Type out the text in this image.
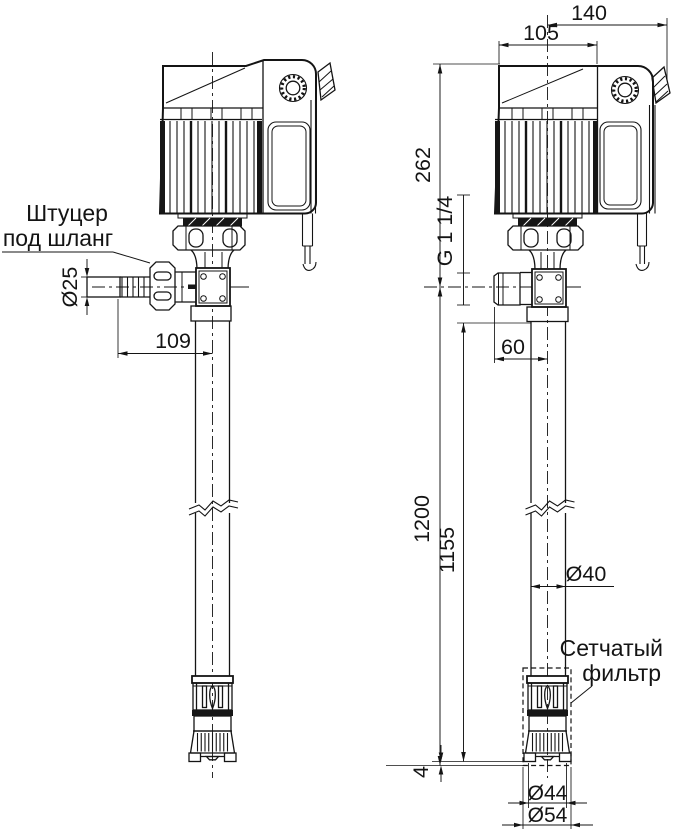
140
105
262
G 1 1/4
60
1200
1155
Ø40
4
Ø25
109
Ø44
Ø54
Штуцер
под шланг
Сетчатый
фильтр
